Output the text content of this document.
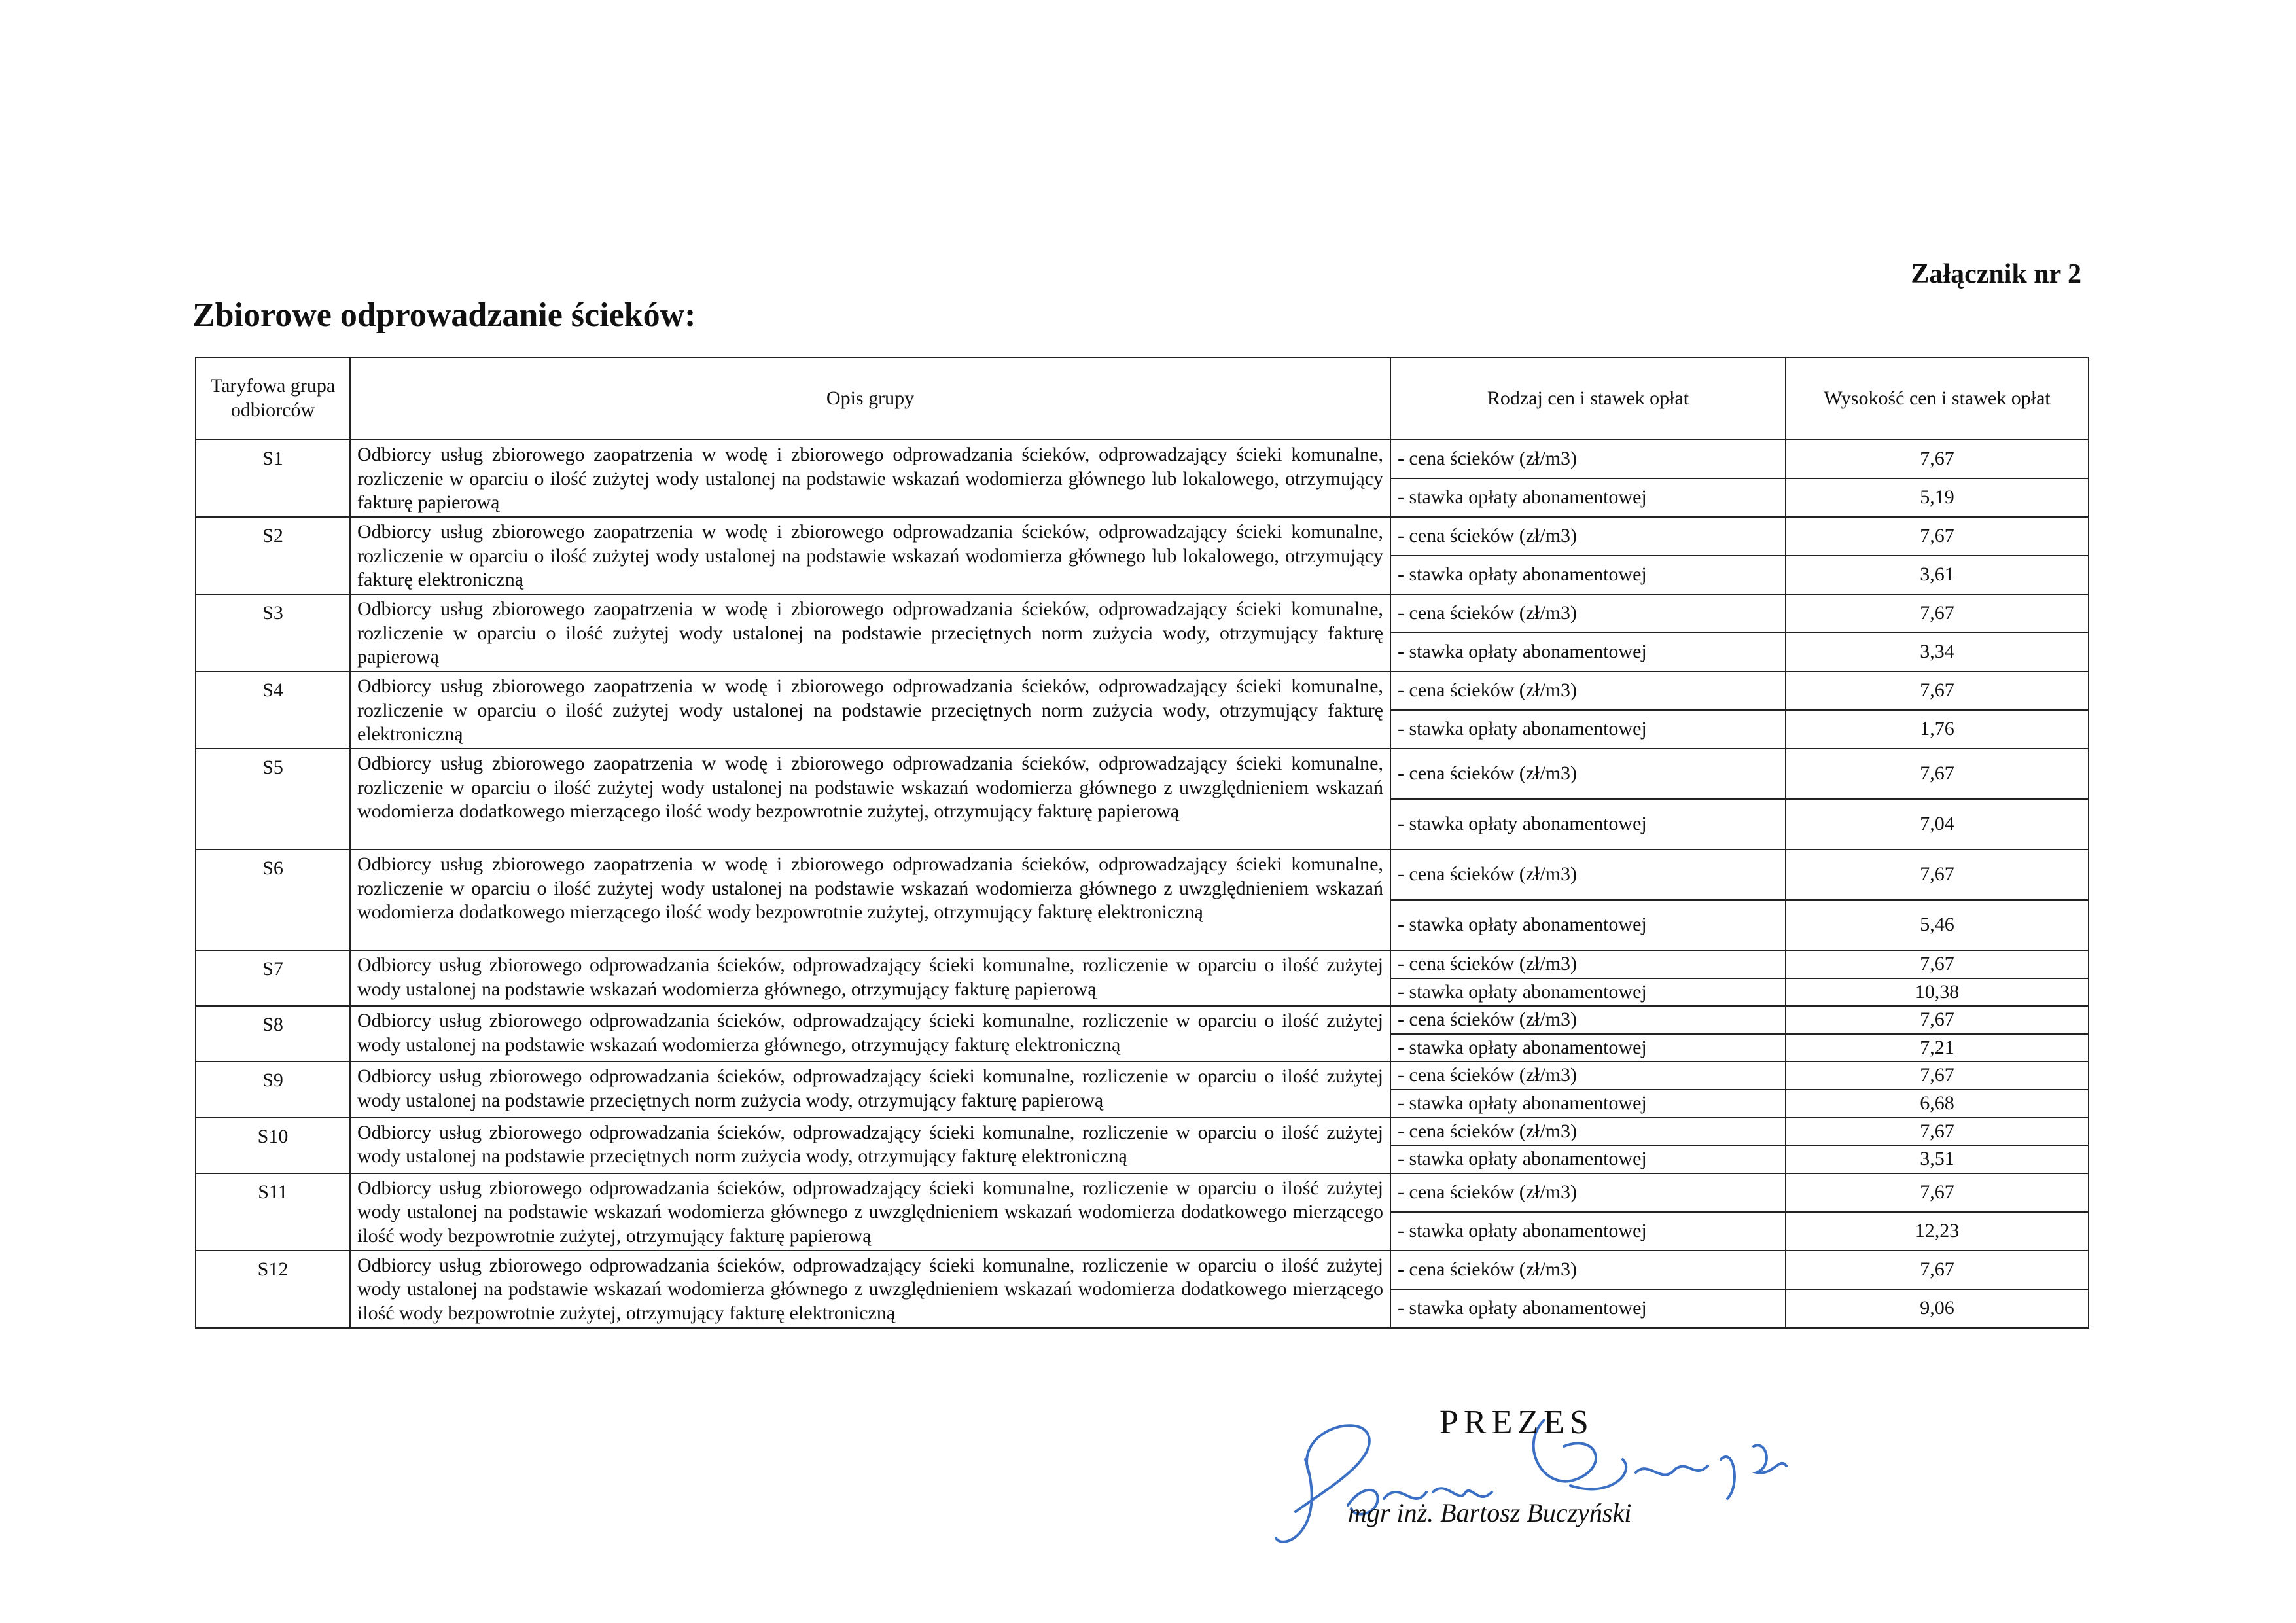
Załącznik nr 2
Zbiorowe odprowadzanie ścieków:
Taryfowa grupa odbiorców	Opis grupy	Rodzaj cen i stawek opłat	Wysokość cen i stawek opłat
S1	Odbiorcy usług zbiorowego zaopatrzenia w wodę i zbiorowego odprowadzania ścieków, odprowadzający ścieki komunalne, rozliczenie w oparciu o ilość zużytej wody ustalonej na podstawie wskazań wodomierza głównego lub lokalowego, otrzymujący fakturę papierową	- cena ścieków (zł/m3)	7,67
		- stawka opłaty abonamentowej	5,19
S2	Odbiorcy usług zbiorowego zaopatrzenia w wodę i zbiorowego odprowadzania ścieków, odprowadzający ścieki komunalne, rozliczenie w oparciu o ilość zużytej wody ustalonej na podstawie wskazań wodomierza głównego lub lokalowego, otrzymujący fakturę elektroniczną	- cena ścieków (zł/m3)	7,67
		- stawka opłaty abonamentowej	3,61
S3	Odbiorcy usług zbiorowego zaopatrzenia w wodę i zbiorowego odprowadzania ścieków, odprowadzający ścieki komunalne, rozliczenie w oparciu o ilość zużytej wody ustalonej na podstawie przeciętnych norm zużycia wody, otrzymujący fakturę papierową	- cena ścieków (zł/m3)	7,67
		- stawka opłaty abonamentowej	3,34
S4	Odbiorcy usług zbiorowego zaopatrzenia w wodę i zbiorowego odprowadzania ścieków, odprowadzający ścieki komunalne, rozliczenie w oparciu o ilość zużytej wody ustalonej na podstawie przeciętnych norm zużycia wody, otrzymujący fakturę elektroniczną	- cena ścieków (zł/m3)	7,67
		- stawka opłaty abonamentowej	1,76
S5	Odbiorcy usług zbiorowego zaopatrzenia w wodę i zbiorowego odprowadzania ścieków, odprowadzający ścieki komunalne, rozliczenie w oparciu o ilość zużytej wody ustalonej na podstawie wskazań wodomierza głównego z uwzględnieniem wskazań wodomierza dodatkowego mierzącego ilość wody bezpowrotnie zużytej, otrzymujący fakturę papierową	- cena ścieków (zł/m3)	7,67
		- stawka opłaty abonamentowej	7,04
S6	Odbiorcy usług zbiorowego zaopatrzenia w wodę i zbiorowego odprowadzania ścieków, odprowadzający ścieki komunalne, rozliczenie w oparciu o ilość zużytej wody ustalonej na podstawie wskazań wodomierza głównego z uwzględnieniem wskazań wodomierza dodatkowego mierzącego ilość wody bezpowrotnie zużytej, otrzymujący fakturę elektroniczną	- cena ścieków (zł/m3)	7,67
		- stawka opłaty abonamentowej	5,46
S7	Odbiorcy usług zbiorowego odprowadzania ścieków, odprowadzający ścieki komunalne, rozliczenie w oparciu o ilość zużytej wody ustalonej na podstawie wskazań wodomierza głównego, otrzymujący fakturę papierową	- cena ścieków (zł/m3)	7,67
		- stawka opłaty abonamentowej	10,38
S8	Odbiorcy usług zbiorowego odprowadzania ścieków, odprowadzający ścieki komunalne, rozliczenie w oparciu o ilość zużytej wody ustalonej na podstawie wskazań wodomierza głównego, otrzymujący fakturę elektroniczną	- cena ścieków (zł/m3)	7,67
		- stawka opłaty abonamentowej	7,21
S9	Odbiorcy usług zbiorowego odprowadzania ścieków, odprowadzający ścieki komunalne, rozliczenie w oparciu o ilość zużytej wody ustalonej na podstawie przeciętnych norm zużycia wody, otrzymujący fakturę papierową	- cena ścieków (zł/m3)	7,67
		- stawka opłaty abonamentowej	6,68
S10	Odbiorcy usług zbiorowego odprowadzania ścieków, odprowadzający ścieki komunalne, rozliczenie w oparciu o ilość zużytej wody ustalonej na podstawie przeciętnych norm zużycia wody, otrzymujący fakturę elektroniczną	- cena ścieków (zł/m3)	7,67
		- stawka opłaty abonamentowej	3,51
S11	Odbiorcy usług zbiorowego odprowadzania ścieków, odprowadzający ścieki komunalne, rozliczenie w oparciu o ilość zużytej wody ustalonej na podstawie wskazań wodomierza głównego z uwzględnieniem wskazań wodomierza dodatkowego mierzącego ilość wody bezpowrotnie zużytej, otrzymujący fakturę papierową	- cena ścieków (zł/m3)	7,67
		- stawka opłaty abonamentowej	12,23
S12	Odbiorcy usług zbiorowego odprowadzania ścieków, odprowadzający ścieki komunalne, rozliczenie w oparciu o ilość zużytej wody ustalonej na podstawie wskazań wodomierza głównego z uwzględnieniem wskazań wodomierza dodatkowego mierzącego ilość wody bezpowrotnie zużytej, otrzymujący fakturę elektroniczną	- cena ścieków (zł/m3)	7,67
		- stawka opłaty abonamentowej	9,06
Bartosz Buczyński

PREZES

mgr inż. Bartosz Buczyński
